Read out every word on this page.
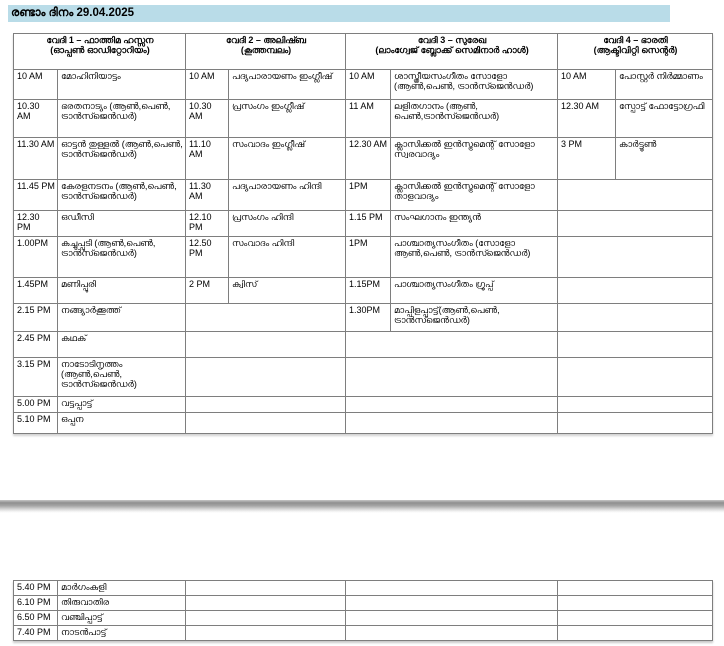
രണ്ടാം ദിനം 29.04.2025
വേദി 1 – ഫാത്തിമ ഹസ്സന
(ഓപ്പൺ ഓഡിറ്റോറിയം)

വേദി 2 – അലിഷ്ബ
(കൂത്തമ്പലം)

വേദി 3 – സുരേഖ
(ലാംഗ്വേജ് ബ്ലോക്ക് സെമിനാർ ഹാൾ)

വേദി 4 – ഭാരതി
(ആക്ടിവിറ്റി സെന്റർ)

10 AM	മോഹിനിയാട്ടം	10 AM	പദ്യപാരായണം ഇംഗ്ലീഷ്	10 AM	ശാസ്ത്രീയസംഗീതം സോളോ (ആൺ,പെൺ, ട്രാൻസ്ജെൻഡർ)	10 AM	പോസ്റ്റർ നിർമ്മാണം
10.30 AM	ഭരതനാട്യം (ആൺ,പെൺ, ട്രാൻസ്ജെൻഡർ)	10.30 AM	പ്രസംഗം ഇംഗ്ലീഷ്	11 AM	ലളിതഗാനം (ആൺ, പെൺ,ട്രാൻസ്ജെൻഡർ)	12.30 AM	സ്പോട്ട് ഫോട്ടോഗ്രഫി
11.30 AM	ഓട്ടൻ തുള്ളൽ (ആൺ,പെൺ, ട്രാൻസ്ജെൻഡർ)	11.10 AM	സംവാദം ഇംഗ്ലീഷ്	12.30 AM	ക്ലാസിക്കൽ ഇൻസ്ട്രമെന്റ് സോളോ സ്വരവാദ്യം	3 PM	കാർട്ടൂൺ
11.45 PM	കേരളനടനം (ആൺ,പെൺ, ട്രാൻസ്ജെൻഡർ)	11.30 AM	പദ്യപാരായണം ഹിന്ദി	1PM	ക്ലാസിക്കൽ ഇൻസ്ട്രമെന്റ് സോളോ താളവാദ്യം		
12.30 PM	ഒഡീസി	12.10 PM	പ്രസംഗം ഹിന്ദി	1.15 PM	സംഘഗാനം ഇന്ത്യൻ		
1.00PM	കച്ചുപ്പുടി (ആൺ,പെൺ, ട്രാൻസ്ജെൻഡർ)	12.50 PM	സംവാദം ഹിന്ദി	1PM	പാശ്ചാത്യസംഗീതം (സോളോ ആൺ,പെൺ, ട്രാൻസ്ജെൻഡർ)		
1.45PM	മണിപ്പൂരി	2 PM	ക്വിസ്	1.15PM	പാശ്ചാത്യസംഗീതം ഗ്രൂപ്പ്		
2.15 PM	നങ്ങ്യാർക്കൂത്ത്			1.30PM	മാപ്പിളപ്പാട്ട്(ആൺ,പെൺ, ട്രാൻസ്ജെൻഡർ)		
2.45 PM	കഥക്						
3.15 PM	നാടോടിനൃത്തം (ആൺ,പെൺ, ട്രാൻസ്ജെൻഡർ)						
5.00 PM	വട്ടപ്പാട്ട്						
5.10 PM	ഒപ്പന						
5.40 PM	മാർഗംകളി			
6.10 PM	തിരുവാതിര			
6.50 PM	വഞ്ചിപ്പാട്ട്			
7.40 PM	നാടൻപാട്ട്			
